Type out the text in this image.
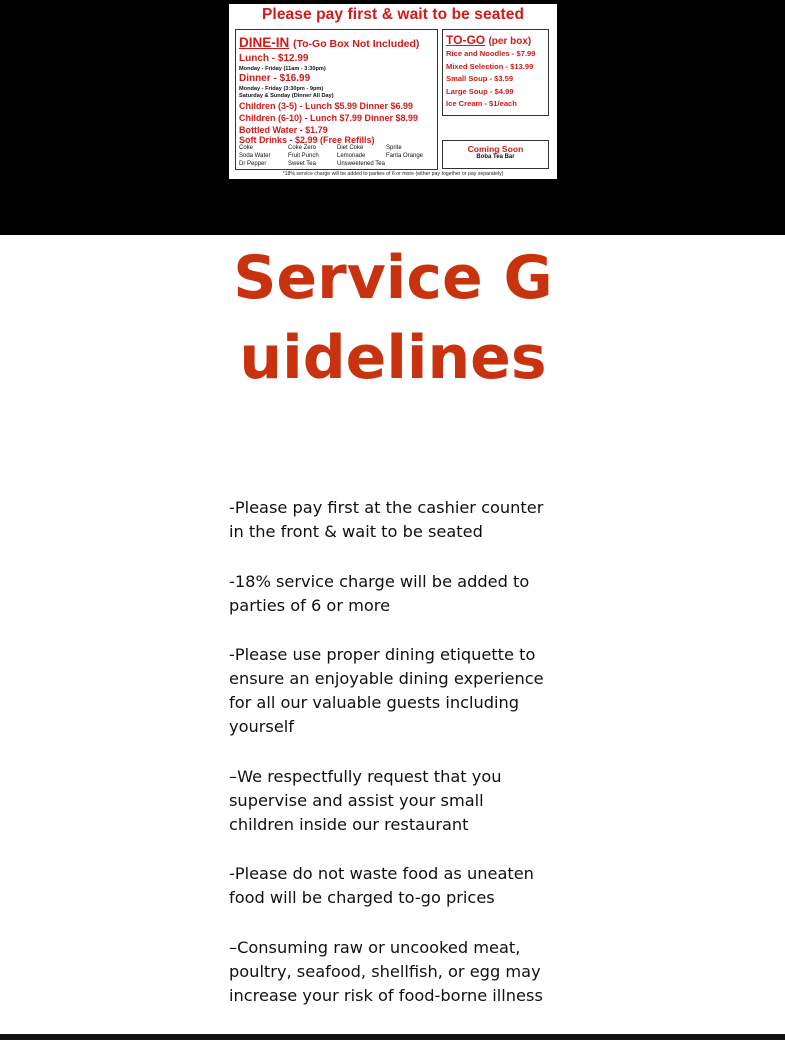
Please pay first & wait to be seated
DINE-IN (To-Go Box Not Included)
Lunch - $12.99
Monday - Friday (11am - 3:30pm)
Dinner - $16.99
Monday - Friday (3:30pm - 9pm)
Saturday & Sunday (Dinner All Day)
Children (3-5) - Lunch $5.99 Dinner $6.99
Children (6-10) - Lunch $7.99 Dinner $8.99
Bottled Water - $1.79
Soft Drinks - $2.99 (Free Refills)
Coke	Coke Zero	Diet Coke	Sprite
Soda Water	Fruit Punch	Lemonade	Fanta Orange
Dr Pepper	Sweet Tea	Unsweetened Tea
TO-GO (per box)
Rice and Noodles - $7.99
Mixed Selection - $13.99
Small Soup - $3.59
Large Soup - $4.99
Ice Cream - $1/each
Coming Soon
Boba Tea Bar
*18% service charge will be added to parties of 6 or more (either pay together or pay separately)
Service Guidelines

-Please pay first at the cashier counter in the front & wait to be seated

-18% service charge will be added to parties of 6 or more

-Please use proper dining etiquette to ensure an enjoyable dining experience for all our valuable guests including yourself

–We respectfully request that you supervise and assist your small children inside our restaurant

-Please do not waste food as uneaten food will be charged to-go prices

–Consuming raw or uncooked meat, poultry, seafood, shellfish, or egg may increase your risk of food-borne illness
